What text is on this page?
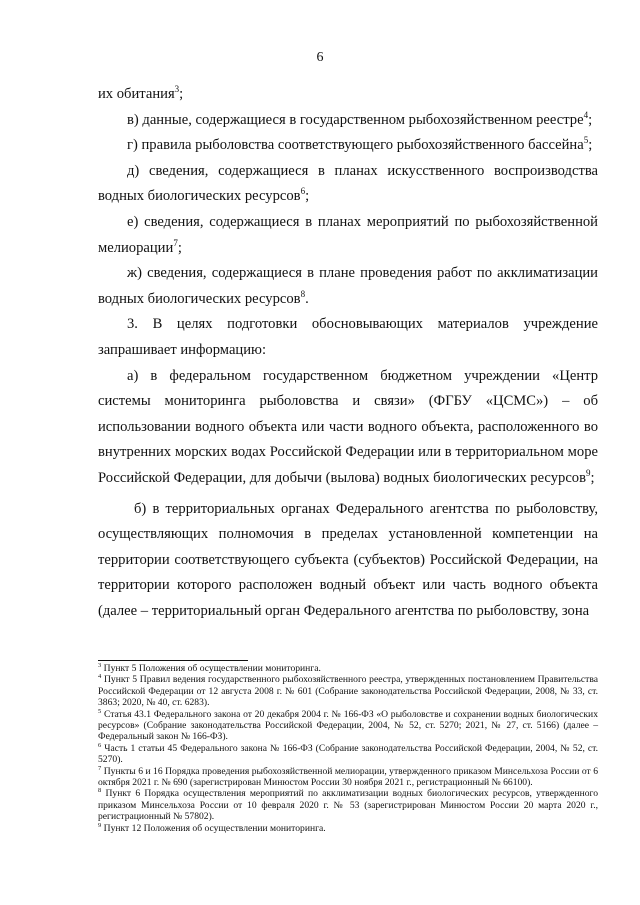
6
их обитания$^3$;
в) данные, содержащиеся в государственном рыбохозяйственном реестре$^4$;
г) правила рыболовства соответствующего рыбохозяйственного бассейна$^5$;
д) сведения, содержащиеся в планах искусственного воспроизводства водных биологических ресурсов$^6$;
е) сведения, содержащиеся в планах мероприятий по рыбохозяйственной мелиорации$^7$;
ж) сведения, содержащиеся в плане проведения работ по акклиматизации водных биологических ресурсов$^8$.
3. В целях подготовки обосновывающих материалов учреждение запрашивает информацию:
а) в федеральном государственном бюджетном учреждении «Центр системы мониторинга рыболовства и связи» (ФГБУ «ЦСМС») – об использовании водного объекта или части водного объекта, расположенного во внутренних морских водах Российской Федерации или в территориальном море Российской Федерации, для добычи (вылова) водных биологических ресурсов$^9$;
б) в территориальных органах Федерального агентства по рыболовству, осуществляющих полномочия в пределах установленной компетенции на территории соответствующего субъекта (субъектов) Российской Федерации, на территории которого расположен водный объект или часть водного объекта (далее – территориальный орган Федерального агентства по рыболовству, зона
$^3$ Пункт 5 Положения об осуществлении мониторинга.
$^4$ Пункт 5 Правил ведения государственного рыбохозяйственного реестра, утвержденных постановлением Правительства Российской Федерации от 12 августа 2008 г. № 601 (Собрание законодательства Российской Федерации, 2008, № 33, ст. 3863; 2020, № 40, ст. 6283).
$^5$ Статья 43.1 Федерального закона от 20 декабря 2004 г. № 166-ФЗ «О рыболовстве и сохранении водных биологических ресурсов» (Собрание законодательства Российской Федерации, 2004, № 52, ст. 5270; 2021, № 27, ст. 5166) (далее – Федеральный закон № 166-ФЗ).
$^6$ Часть 1 статьи 45 Федерального закона № 166-ФЗ (Собрание законодательства Российской Федерации, 2004, № 52, ст. 5270).
$^7$ Пункты 6 и 16 Порядка проведения рыбохозяйственной мелиорации, утвержденного приказом Минсельхоза России от 6 октября 2021 г. № 690 (зарегистрирован Минюстом России 30 ноября 2021 г., регистрационный № 66100).
$^8$ Пункт 6 Порядка осуществления мероприятий по акклиматизации водных биологических ресурсов, утвержденного приказом Минсельхоза России от 10 февраля 2020 г. № 53 (зарегистрирован Минюстом России 20 марта 2020 г., регистрационный № 57802).
$^9$ Пункт 12 Положения об осуществлении мониторинга.
